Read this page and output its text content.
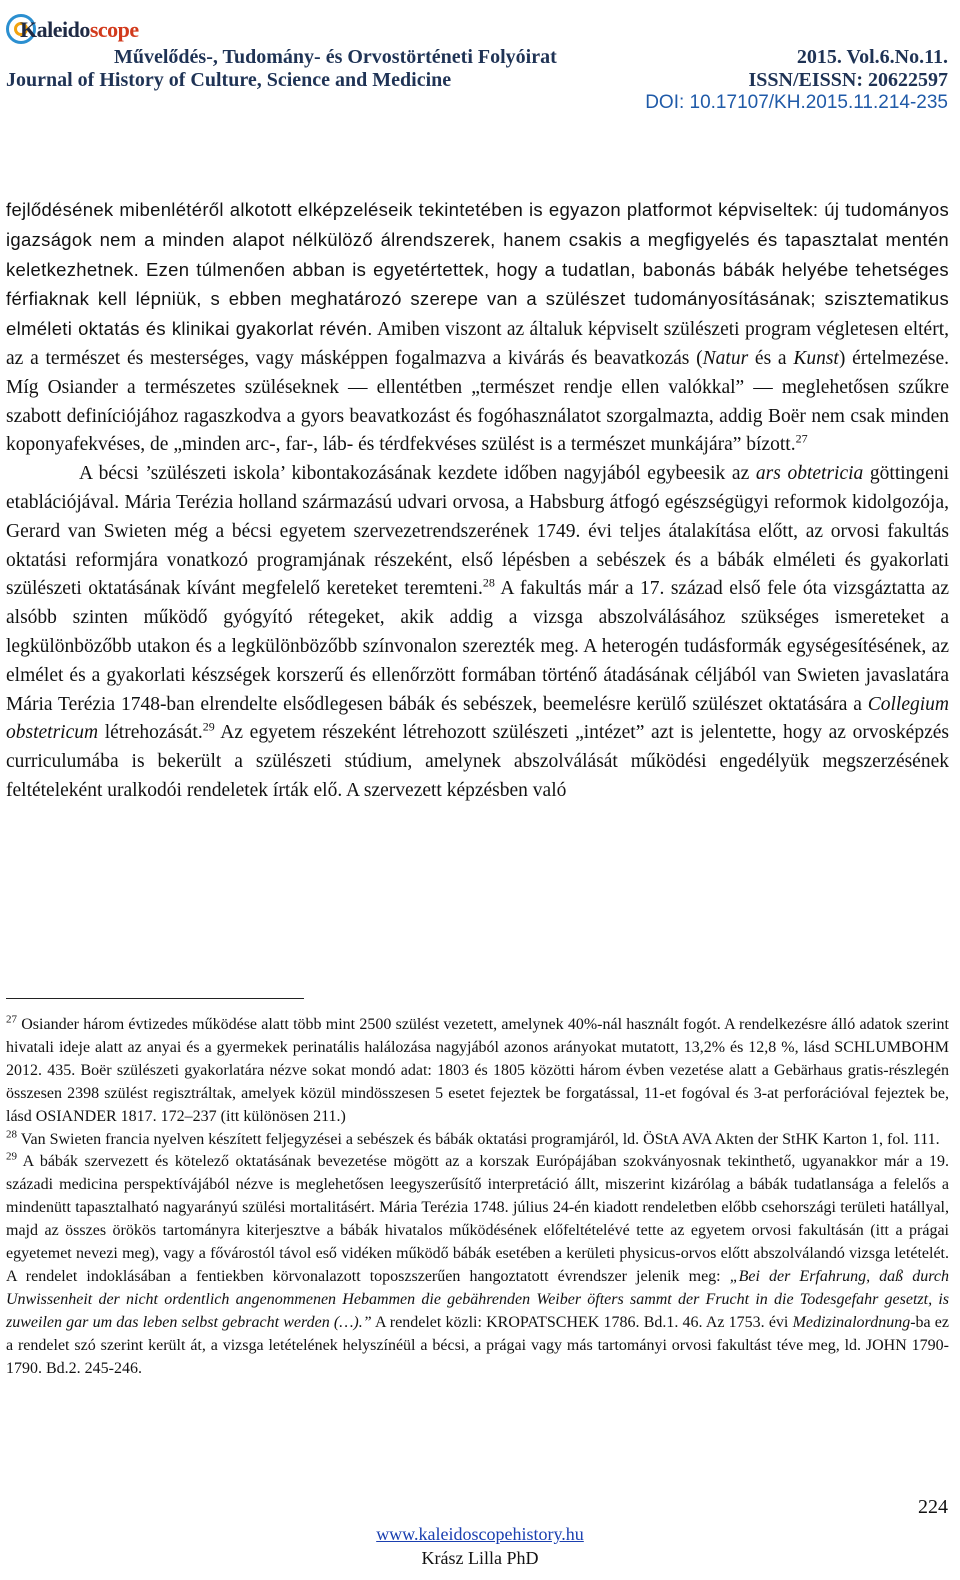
Kaleidoscope
Művelődés-, Tudomány- és Orvostörténeti Folyóirat
Journal of History of Culture, Science and Medicine
2015. Vol.6.No.11.
ISSN/EISSN: 20622597
DOI: 10.17107/KH.2015.11.214-235

fejlődésének mibenlétéről alkotott elképzeléseik tekintetében is egyazon platformot képviseltek: új tudományos igazságok nem a minden alapot nélkülöző álrendszerek, hanem csakis a megfigyelés és tapasztalat mentén keletkezhetnek. Ezen túlmenően abban is egyetértettek, hogy a tudatlan, babonás bábák helyébe tehetséges férfiaknak kell lépniük, s ebben meghatározó szerepe van a szülészet tudományosításának; szisztematikus elméleti oktatás és klinikai gyakorlat révén. Amiben viszont az általuk képviselt szülészeti program végletesen eltért, az a természet és mesterséges, vagy másképpen fogalmazva a kivárás és beavatkozás (Natur és a Kunst) értelmezése. Míg Osiander a természetes szüléseknek — ellentétben „természet rendje ellen valókkal” — meglehetősen szűkre szabott definíciójához ragaszkodva a gyors beavatkozást és fogóhasználatot szorgalmazta, addig Boër nem csak minden koponyafekvéses, de „minden arc-, far-, láb- és térdfekvéses szülést is a természet munkájára” bízott.$^{27}$

A bécsi ’szülészeti iskola’ kibontakozásának kezdete időben nagyjából egybeesik az ars obtetricia göttingeni etablációjával. Mária Terézia holland származású udvari orvosa, a Habsburg átfogó egészségügyi reformok kidolgozója, Gerard van Swieten még a bécsi egyetem szervezetrendszerének 1749. évi teljes átalakítása előtt, az orvosi fakultás oktatási reformjára vonatkozó programjának részeként, első lépésben a sebészek és a bábák elméleti és gyakorlati szülészeti oktatásának kívánt megfelelő kereteket teremteni.$^{28}$ A fakultás már a 17. század első fele óta vizsgáztatta az alsóbb szinten működő gyógyító rétegeket, akik addig a vizsga abszolválásához szükséges ismereteket a legkülönbözőbb utakon és a legkülönbözőbb színvonalon szerezték meg. A heterogén tudásformák egységesítésének, az elmélet és a gyakorlati készségek korszerű és ellenőrzött formában történő átadásának céljából van Swieten javaslatára Mária Terézia 1748-ban elrendelte elsődlegesen bábák és sebészek, beemelésre kerülő szülészet oktatására a Collegium obstetricum létrehozását.$^{29}$ Az egyetem részeként létrehozott szülészeti „intézet” azt is jelentette, hogy az orvosképzés curriculumába is bekerült a szülészeti stúdium, amelynek abszolválását működési engedélyük megszerzésének feltételeként uralkodói rendeletek írták elő. A szervezett képzésben való

$^{27}$ Osiander három évtizedes működése alatt több mint 2500 szülést vezetett, amelynek 40%-nál használt fogót. A rendelkezésre álló adatok szerint hivatali ideje alatt az anyai és a gyermekek perinatális halálozása nagyjából azonos arányokat mutatott, 13,2% és 12,8 %, lásd SCHLUMBOHM 2012. 435. Boër szülészeti gyakorlatára nézve sokat mondó adat: 1803 és 1805 közötti három évben vezetése alatt a Gebärhaus gratis-részlegén összesen 2398 szülést regisztráltak, amelyek közül mindösszesen 5 esetet fejeztek be forgatással, 11-et fogóval és 3-at perforációval fejeztek be, lásd OSIANDER 1817. 172‒237 (itt különösen 211.)

$^{28}$ Van Swieten francia nyelven készített feljegyzései a sebészek és bábák oktatási programjáról, ld. ÖStA AVA Akten der StHK Karton 1, fol. 111.

$^{29}$ A bábák szervezett és kötelező oktatásának bevezetése mögött az a korszak Európájában szokványosnak tekinthető, ugyanakkor már a 19. századi medicina perspektívájából nézve is meglehetősen leegyszerűsítő interpretáció állt, miszerint kizárólag a bábák tudatlansága a felelős a mindenütt tapasztalható nagyarányú szülési mortalitásért. Mária Terézia 1748. július 24-én kiadott rendeletben előbb csehországi területi hatállyal, majd az összes örökös tartományra kiterjesztve a bábák hivatalos működésének előfeltételévé tette az egyetem orvosi fakultásán (itt a prágai egyetemet nevezi meg), vagy a fővárostól távol eső vidéken működő bábák esetében a kerületi physicus-orvos előtt abszolválandó vizsga letételét. A rendelet indoklásában a fentiekben körvonalazott toposzszerűen hangoztatott évrendszer jelenik meg: „Bei der Erfahrung, daß durch Unwissenheit der nicht ordentlich angenommenen Hebammen die gebährenden Weiber öfters sammt der Frucht in die Todesgefahr gesetzt, is zuweilen gar um das leben selbst gebracht werden (…).” A rendelet közli: KROPATSCHEK 1786. Bd.1. 46. Az 1753. évi Medizinalordnung-ba ez a rendelet szó szerint került át, a vizsga letételének helyszínéül a bécsi, a prágai vagy más tartományi orvosi fakultást téve meg, ld. JOHN 1790-1790. Bd.2. 245-246.

224
www.kaleidoscopehistory.hu
Krász Lilla PhD
